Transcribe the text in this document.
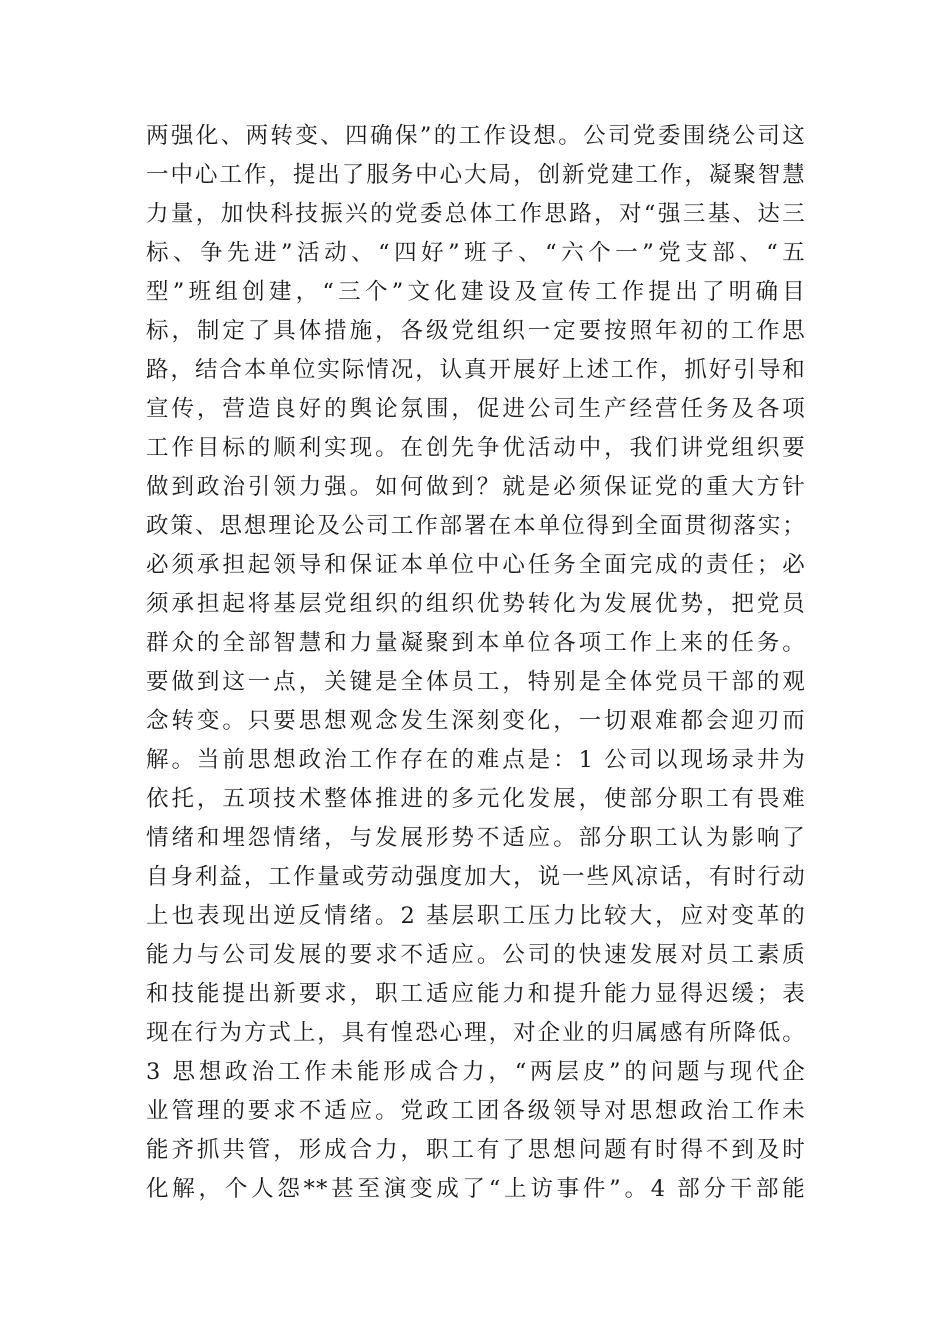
两强化、两转变、四确保”的工作设想。公司党委围绕公司这
一中心工作，提出了服务中心大局，创新党建工作，凝聚智慧
力量，加快科技振兴的党委总体工作思路，对“强三基、达三
标、争先进”活动、“四好”班子、“六个一”党支部、“五
型”班组创建，“三个”文化建设及宣传工作提出了明确目
标，制定了具体措施，各级党组织一定要按照年初的工作思
路，结合本单位实际情况，认真开展好上述工作，抓好引导和
宣传，营造良好的舆论氛围，促进公司生产经营任务及各项
工作目标的顺利实现。在创先争优活动中，我们讲党组织要
做到政治引领力强。如何做到？就是必须保证党的重大方针
政策、思想理论及公司工作部署在本单位得到全面贯彻落实；
必须承担起领导和保证本单位中心任务全面完成的责任；必
须承担起将基层党组织的组织优势转化为发展优势，把党员
群众的全部智慧和力量凝聚到本单位各项工作上来的任务。
要做到这一点，关键是全体员工，特别是全体党员干部的观
念转变。只要思想观念发生深刻变化，一切艰难都会迎刃而
解。当前思想政治工作存在的难点是：1 公司以现场录井为
依托，五项技术整体推进的多元化发展，使部分职工有畏难
情绪和埋怨情绪，与发展形势不适应。部分职工认为影响了
自身利益，工作量或劳动强度加大，说一些风凉话，有时行动
上也表现出逆反情绪。2 基层职工压力比较大，应对变革的
能力与公司发展的要求不适应。公司的快速发展对员工素质
和技能提出新要求，职工适应能力和提升能力显得迟缓；表
现在行为方式上，具有惶恐心理，对企业的归属感有所降低。
3 思想政治工作未能形成合力，“两层皮”的问题与现代企
业管理的要求不适应。党政工团各级领导对思想政治工作未
能齐抓共管，形成合力，职工有了思想问题有时得不到及时
化解，个人怨**甚至演变成了“上访事件”。4 部分干部能
